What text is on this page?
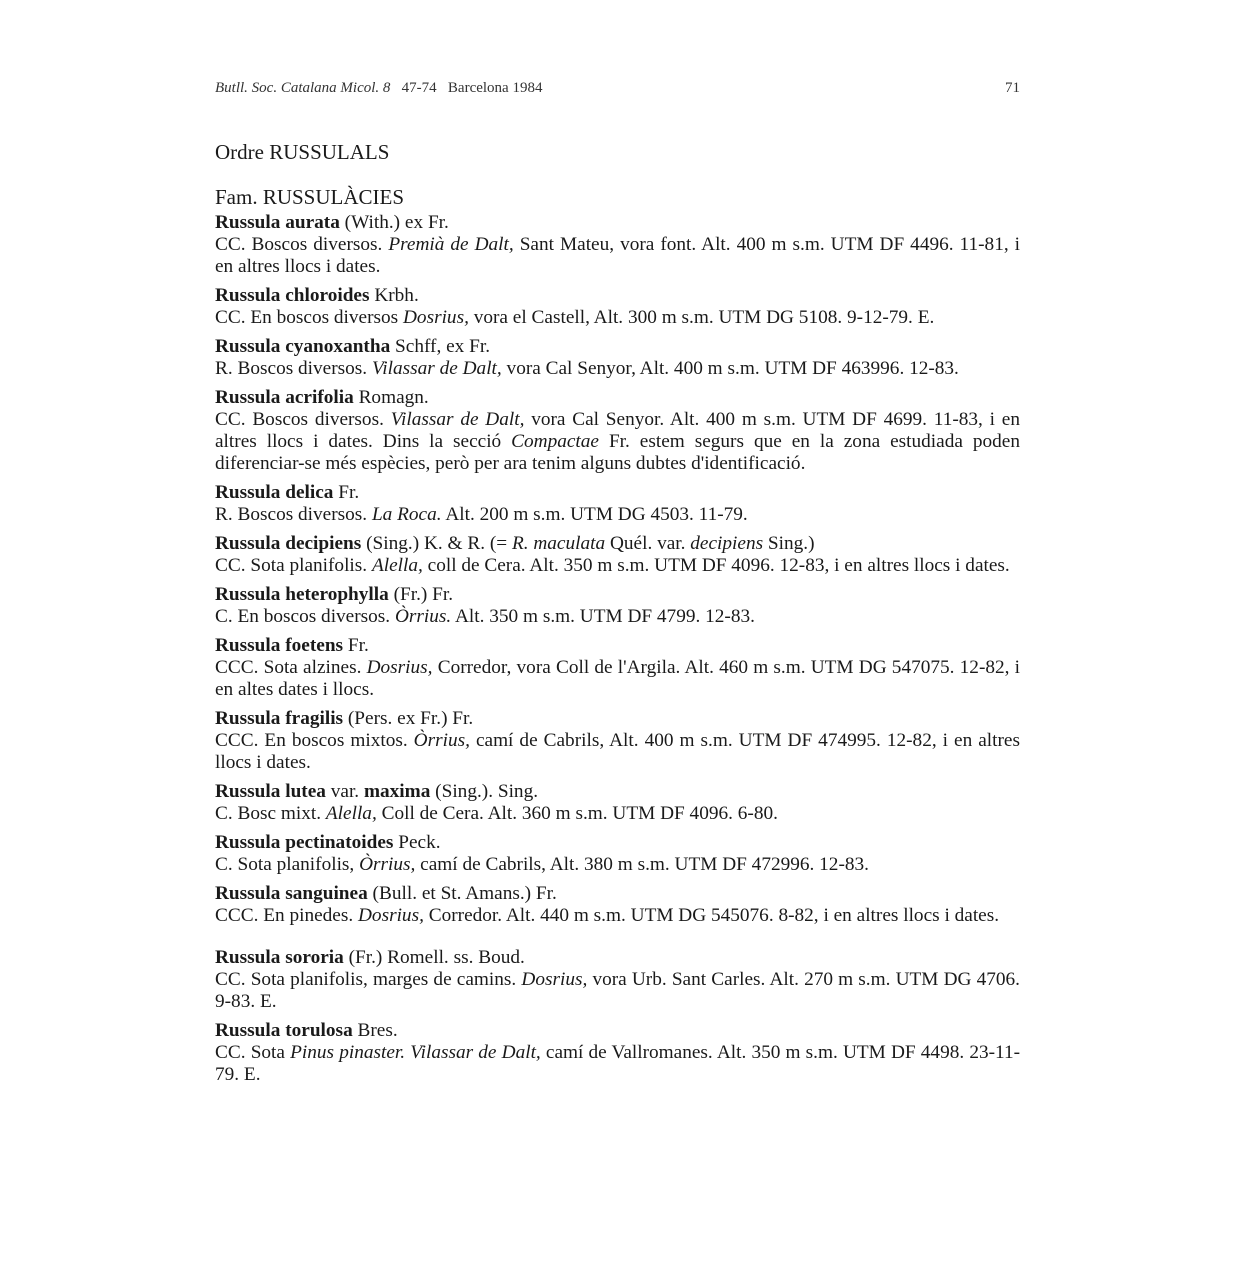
Butll. Soc. Catalana Micol. 8 47-74 Barcelona 1984	71
Ordre RUSSULALS
Fam. RUSSULÀCIES
Russula aurata (With.) ex Fr.
CC. Boscos diversos. Premià de Dalt, Sant Mateu, vora font. Alt. 400 m s.m. UTM DF 4496. 11-81, i en altres llocs i dates.
Russula chloroides Krbh.
CC. En boscos diversos Dosrius, vora el Castell, Alt. 300 m s.m. UTM DG 5108. 9-12-79. E.
Russula cyanoxantha Schff, ex Fr.
R. Boscos diversos. Vilassar de Dalt, vora Cal Senyor, Alt. 400 m s.m. UTM DF 463996. 12-83.
Russula acrifolia Romagn.
CC. Boscos diversos. Vilassar de Dalt, vora Cal Senyor. Alt. 400 m s.m. UTM DF 4699. 11-83, i en altres llocs i dates. Dins la secció Compactae Fr. estem segurs que en la zona estudiada poden diferenciar-se més espècies, però per ara tenim alguns dubtes d'identificació.
Russula delica Fr.
R. Boscos diversos. La Roca. Alt. 200 m s.m. UTM DG 4503. 11-79.
Russula decipiens (Sing.) K. & R. (= R. maculata Quél. var. decipiens Sing.)
CC. Sota planifolis. Alella, coll de Cera. Alt. 350 m s.m. UTM DF 4096. 12-83, i en altres llocs i dates.
Russula heterophylla (Fr.) Fr.
C. En boscos diversos. Òrrius. Alt. 350 m s.m. UTM DF 4799. 12-83.
Russula foetens Fr.
CCC. Sota alzines. Dosrius, Corredor, vora Coll de l'Argila. Alt. 460 m s.m. UTM DG 547075. 12-82, i en altes dates i llocs.
Russula fragilis (Pers. ex Fr.) Fr.
CCC. En boscos mixtos. Òrrius, camí de Cabrils, Alt. 400 m s.m. UTM DF 474995. 12-82, i en altres llocs i dates.
Russula lutea var. maxima (Sing.). Sing.
C. Bosc mixt. Alella, Coll de Cera. Alt. 360 m s.m. UTM DF 4096. 6-80.
Russula pectinatoides Peck.
C. Sota planifolis, Òrrius, camí de Cabrils, Alt. 380 m s.m. UTM DF 472996. 12-83.
Russula sanguinea (Bull. et St. Amans.) Fr.
CCC. En pinedes. Dosrius, Corredor. Alt. 440 m s.m. UTM DG 545076. 8-82, i en altres llocs i dates.
Russula sororia (Fr.) Romell. ss. Boud.
CC. Sota planifolis, marges de camins. Dosrius, vora Urb. Sant Carles. Alt. 270 m s.m. UTM DG 4706. 9-83. E.
Russula torulosa Bres.
CC. Sota Pinus pinaster. Vilassar de Dalt, camí de Vallromanes. Alt. 350 m s.m. UTM DF 4498. 23-11-79. E.
